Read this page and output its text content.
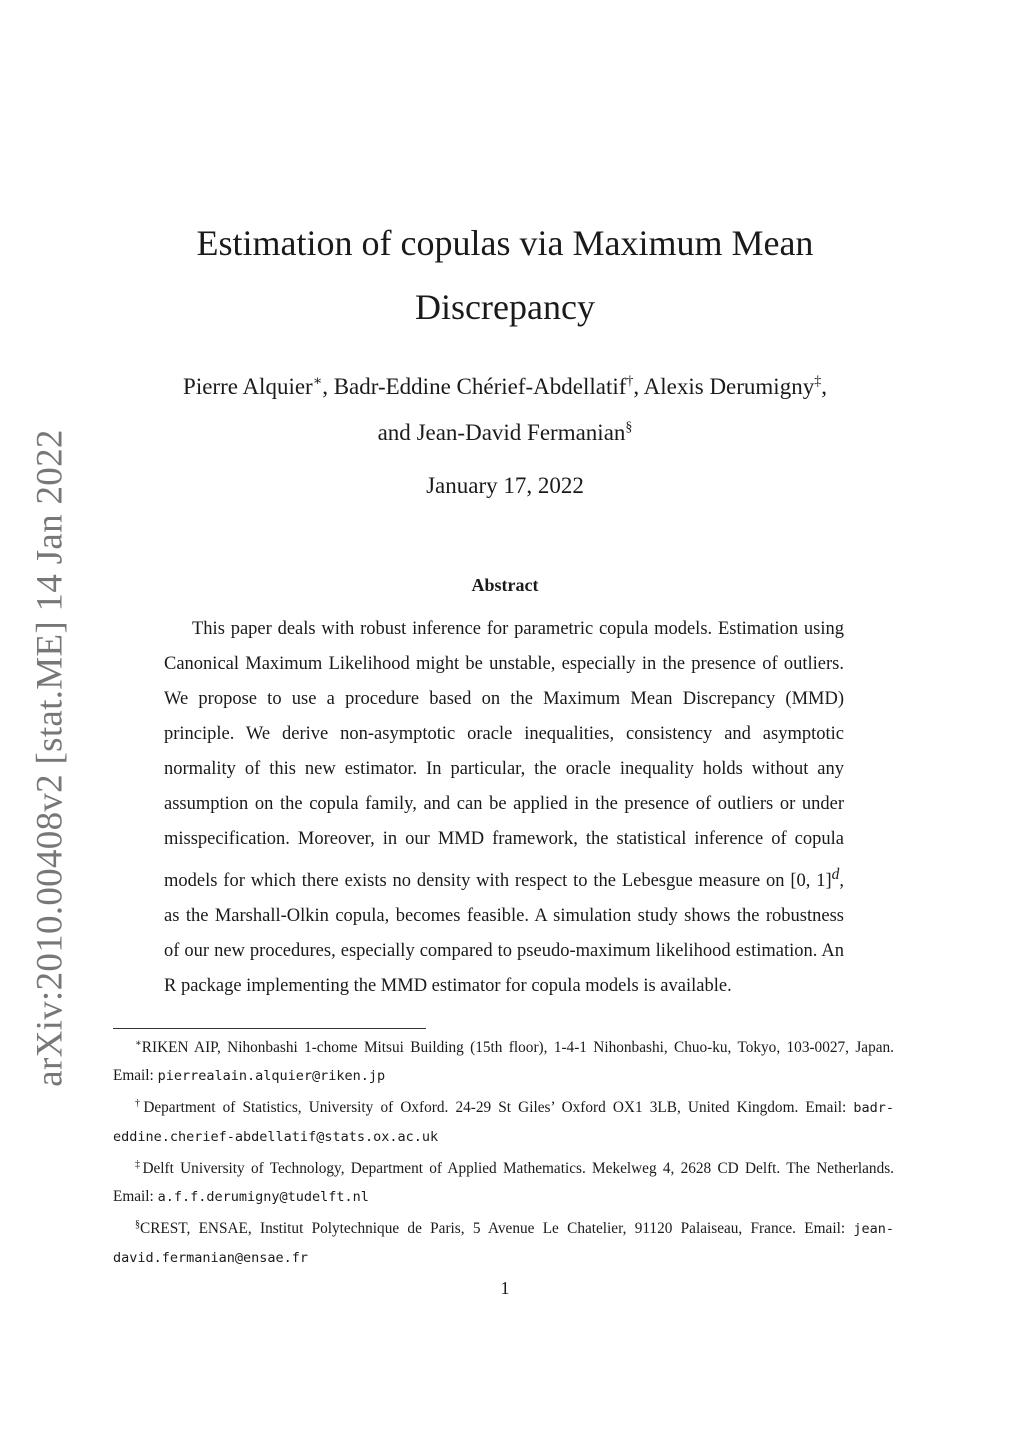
arXiv:2010.00408v2 [stat.ME] 14 Jan 2022
Estimation of copulas via Maximum Mean
Discrepancy
Pierre Alquier∗, Badr-Eddine Chérief-Abdellatif†, Alexis Derumigny‡,
and Jean-David Fermanian§
January 17, 2022
Abstract

This paper deals with robust inference for parametric copula models. Estimation using Canonical Maximum Likelihood might be unstable, especially in the presence of outliers. We propose to use a procedure based on the Maximum Mean Discrepancy (MMD) principle. We derive non-asymptotic oracle inequalities, consistency and asymptotic normality of this new estimator. In particular, the oracle inequality holds without any assumption on the copula family, and can be applied in the presence of outliers or under misspecification. Moreover, in our MMD framework, the statistical inference of copula models for which there exists no density with respect to the Lebesgue measure on [0, 1]$^d$, as the Marshall-Olkin copula, becomes feasible. A simulation study shows the robustness of our new procedures, especially compared to pseudo-maximum likelihood estimation. An R package implementing the MMD estimator for copula models is available.

∗RIKEN AIP, Nihonbashi 1-chome Mitsui Building (15th floor), 1-4-1 Nihonbashi, Chuo-ku, Tokyo, 103-0027, Japan. Email: pierrealain.alquier@riken.jp

†Department of Statistics, University of Oxford. 24-29 St Giles’ Oxford OX1 3LB, United Kingdom. Email: badr-eddine.cherief-abdellatif@stats.ox.ac.uk

‡Delft University of Technology, Department of Applied Mathematics. Mekelweg 4, 2628 CD Delft. The Netherlands. Email: a.f.f.derumigny@tudelft.nl

§CREST, ENSAE, Institut Polytechnique de Paris, 5 Avenue Le Chatelier, 91120 Palaiseau, France. Email: jean-david.fermanian@ensae.fr

1
